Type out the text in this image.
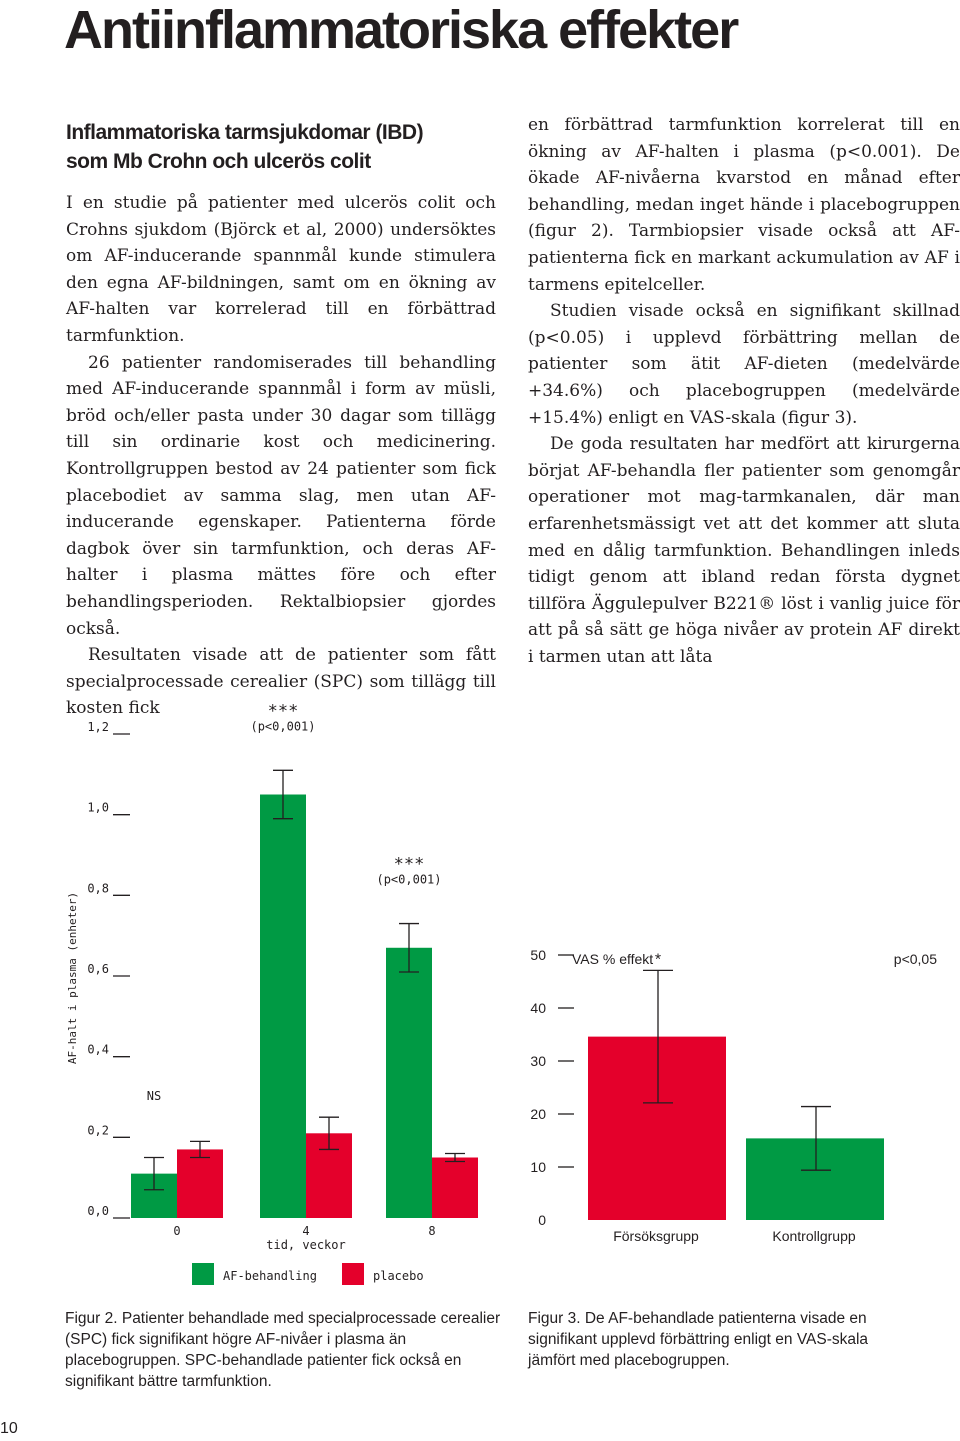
Antiinflammatoriska effekter
Inflammatoriska tarmsjukdomar (IBD)
som Mb Crohn och ulcerös colit

I en studie på patienter med ulcerös colit och Crohns sjukdom (Björck et al, 2000) undersöktes om AF-inducerande spannmål kunde stimulera den egna AF-bildningen, samt om en ökning av AF-halten var korrelerad till en förbättrad tarmfunktion.

26 patienter randomiserades till behandling med AF-inducerande spannmål i form av müsli, bröd och/eller pasta under 30 dagar som tillägg till sin ordinarie kost och medicinering. Kontrollgruppen bestod av 24 patienter som fick placebodiet av samma slag, men utan AF-inducerande egenskaper. Patienterna förde dagbok över sin tarmfunktion, och deras AF-halter i plasma mättes före och efter behandlingsperioden. Rektalbiopsier gjordes också.

Resultaten visade att de patienter som fått specialprocessade cerealier (SPC) som tillägg till kosten fick

en förbättrad tarmfunktion korrelerat till en ökning av AF-halten i plasma (p<0.001). De ökade AF-nivåerna kvarstod en månad efter behandling, medan inget hände i placebogruppen (figur 2). Tarmbiopsier visade också att AF-patienterna fick en markant ackumulation av AF i tarmens epitelceller.

Studien visade också en signifikant skillnad (p<0.05) i upplevd förbättring mellan de patienter som ätit AF-dieten (medelvärde +34.6%) och placebogruppen (medelvärde +15.4%) enligt en VAS-skala (figur 3).

De goda resultaten har medfört att kirurgerna börjat AF-behandla fler patienter som genomgår operationer mot mag-tarmkanalen, där man erfarenhetsmässigt vet att det kommer att sluta med en dålig tarmfunktion. Behandlingen inleds tidigt genom att ibland redan första dygnet tillföra Äggulepulver B221® löst i vanlig juice för att på så sätt ge höga nivåer av protein AF direkt i tarmen utan att låta

AF-halt i plasma (enheter)
tid, veckor
AF-behandling	placebo
0,0
0,2
0,4
0,6
0,8
1,0
1,2
0	4	8
NS
***
(p<0,001)
***
(p<0,001)
VAS % effekt	p<0,05
0
10
20
30
40
50	*
Försöksgrupp	Kontrollgrupp

Figur 2. Patienter behandlade med specialprocessade cerealier (SPC) fick signifikant högre AF-nivåer i plasma än placebogruppen. SPC-behandlade patienter fick också en signifikant bättre tarmfunktion.

Figur 3. De AF-behandlade patienterna visade en signifikant upplevd förbättring enligt en VAS-skala jämfört med placebogruppen.

10
